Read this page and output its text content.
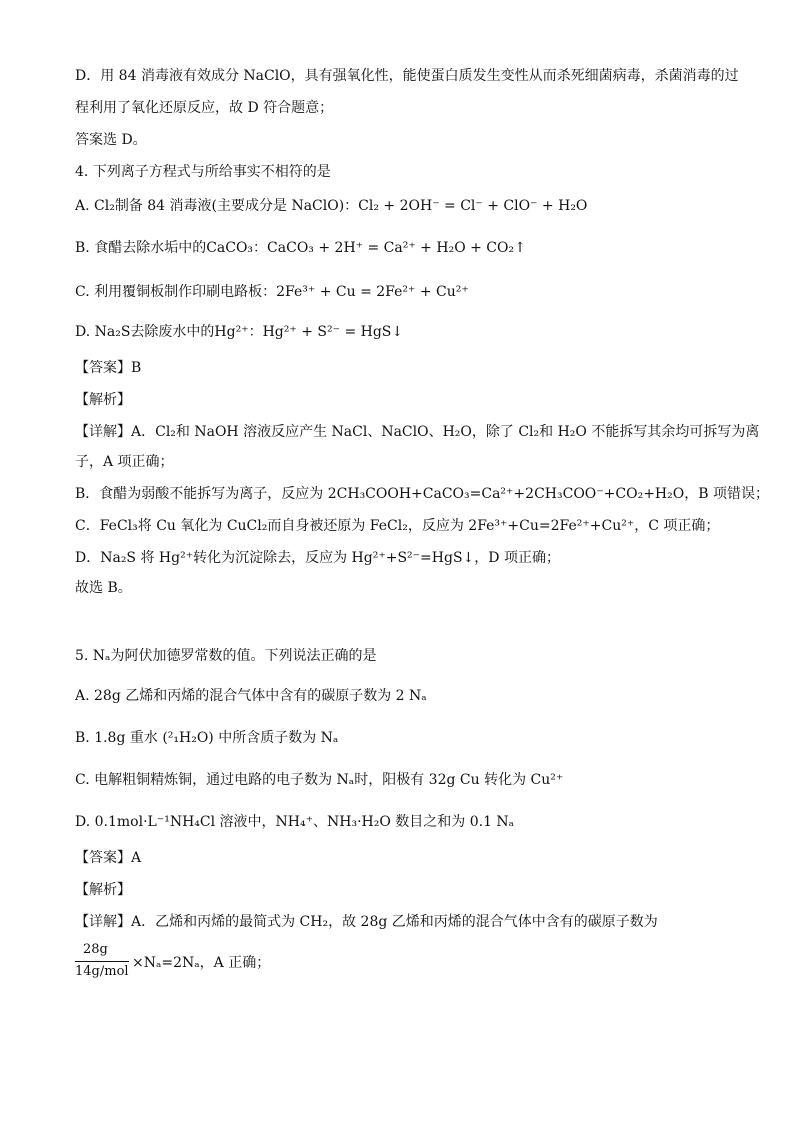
D．用 84 消毒液有效成分 NaClO，具有强氧化性，能使蛋白质发生变性从而杀死细菌病毒，杀菌消毒的过
程利用了氧化还原反应，故 D 符合题意；
答案选 D。
4. 下列离子方程式与所给事实不相符的是
A. Cl₂制备 84 消毒液(主要成分是 NaClO)：Cl₂ + 2OH⁻ = Cl⁻ + ClO⁻ + H₂O
B. 食醋去除水垢中的CaCO₃：CaCO₃ + 2H⁺ = Ca²⁺ + H₂O + CO₂↑
C. 利用覆铜板制作印刷电路板：2Fe³⁺ + Cu = 2Fe²⁺ + Cu²⁺
D. Na₂S去除废水中的Hg²⁺：Hg²⁺ + S²⁻ = HgS↓
【答案】B
【解析】
【详解】A．Cl₂和 NaOH 溶液反应产生 NaCl、NaClO、H₂O，除了 Cl₂和 H₂O 不能拆写其余均可拆写为离
子，A 项正确；
B．食醋为弱酸不能拆写为离子，反应为 2CH₃COOH+CaCO₃=Ca²⁺+2CH₃COO⁻+CO₂+H₂O，B 项错误；
C．FeCl₃将 Cu 氧化为 CuCl₂而自身被还原为 FeCl₂，反应为 2Fe³⁺+Cu=2Fe²⁺+Cu²⁺，C 项正确；
D．Na₂S 将 Hg²⁺转化为沉淀除去，反应为 Hg²⁺+S²⁻=HgS↓，D 项正确；
故选 B。
5. Nₐ为阿伏加德罗常数的值。下列说法正确的是
A. 28g 乙烯和丙烯的混合气体中含有的碳原子数为 2 Nₐ
B. 1.8g 重水 (²₁H₂O) 中所含质子数为 Nₐ
C. 电解粗铜精炼铜，通过电路的电子数为 Nₐ时，阳极有 32g Cu 转化为 Cu²⁺
D. 0.1mol·L⁻¹NH₄Cl 溶液中，NH₄⁺、NH₃·H₂O 数目之和为 0.1 Nₐ
【答案】A
【解析】
【详解】A．乙烯和丙烯的最简式为 CH₂，故 28g 乙烯和丙烯的混合气体中含有的碳原子数为
28g
14g/mol
×Nₐ=2Nₐ，A 正确；
